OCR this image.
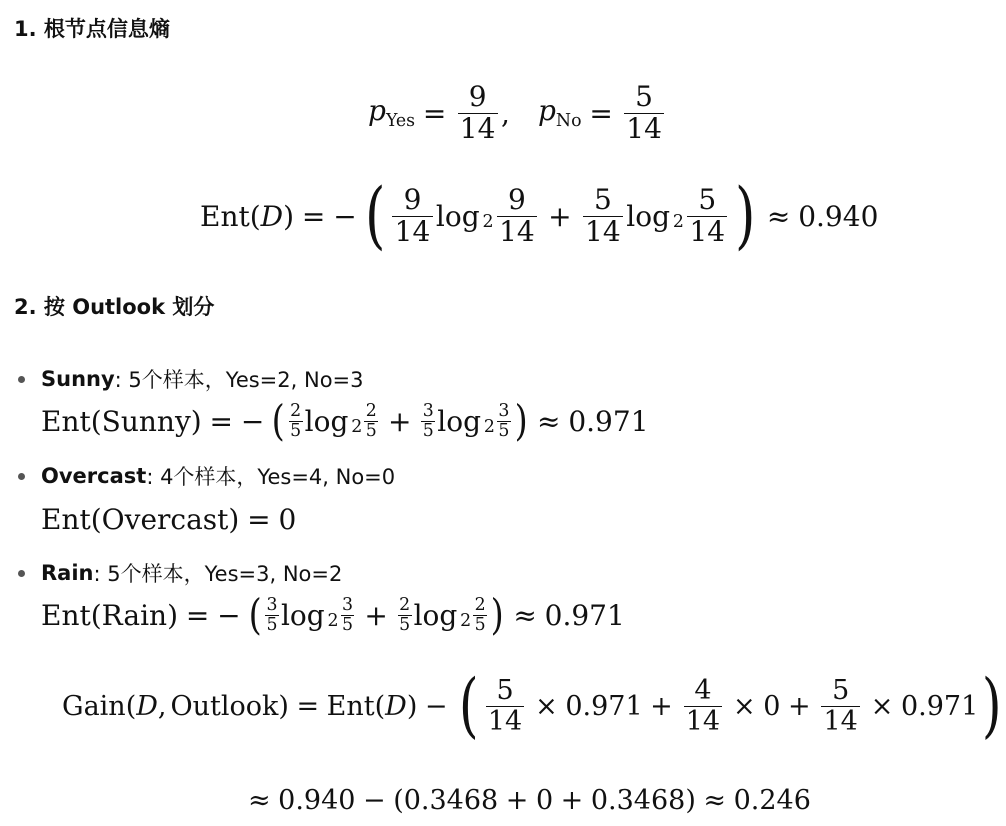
1. 根节点信息熵
$p_{Yes} = \frac{9}{14}$ , $p_{No} = \frac{5}{14}$
Ent ( D ) = − ( $\frac{9}{14}$ $\log 2 \frac{9}{14} + \frac{5}{14}$ $\log 2 \frac{5}{14}$ ) ≈ 0.940
2. 按 Outlook 划分
Sunny : 5个样本，Yes=2, No=3
Ent ( Sunny ) = − ( $\frac{2}{5}$ $\log 2 \frac{2}{5} + \frac{3}{5}$ $\log 2 \frac{3}{5}$ ) ≈ 0.971
Overcast : 4个样本，Yes=4, No=0
Ent ( Overcast ) = 0
Rain : 5个样本，Yes=3, No=2
Ent ( Rain ) = − ( $\frac{3}{5}$ $\log 2 \frac{3}{5} + \frac{2}{5}$ $\log 2 \frac{2}{5}$ ) ≈ 0.971
Gain ( D , Outlook ) = Ent ( D ) − ( $\frac{5}{14} \times 0.971 + \frac{4}{14} \times 0 + \frac{5}{14} \times 0.971$ )
≈ 0.940 − ( 0.3468 + 0 + 0.3468 ) ≈ 0.246
